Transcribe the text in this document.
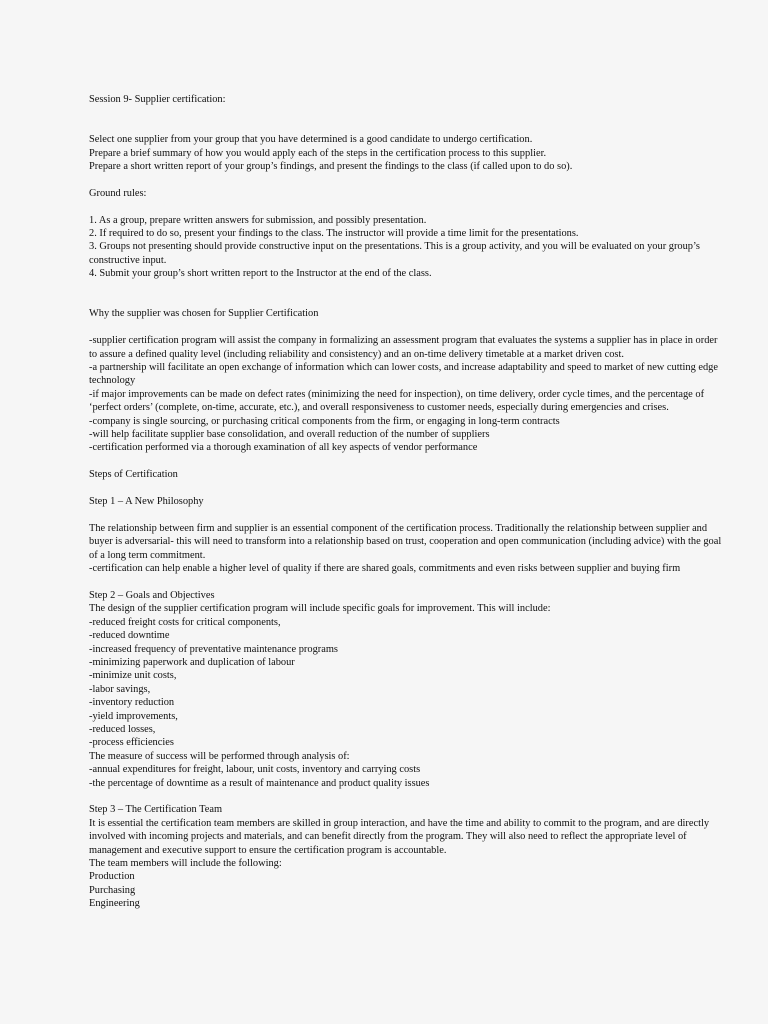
Session 9- Supplier certification:

Select one supplier from your group that you have determined is a good candidate to undergo certification.

Prepare a brief summary of how you would apply each of the steps in the certification process to this supplier.

Prepare a short written report of your group’s findings, and present the findings to the class (if called upon to do so).

Ground rules:

1. As a group, prepare written answers for submission, and possibly presentation.

2. If required to do so, present your findings to the class. The instructor will provide a time limit for the presentations.

3. Groups not presenting should provide constructive input on the presentations. This is a group activity, and you will be evaluated on your group’s constructive input.

4. Submit your group’s short written report to the Instructor at the end of the class.

Why the supplier was chosen for Supplier Certification

-supplier certification program will assist the company in formalizing an assessment program that evaluates the systems a supplier has in place in order to assure a defined quality level (including reliability and consistency) and an on-time delivery timetable at a market driven cost.

-a partnership will facilitate an open exchange of information which can lower costs, and increase adaptability and speed to market of new cutting edge technology

-if major improvements can be made on defect rates (minimizing the need for inspection), on time delivery, order cycle times, and the percentage of ‘perfect orders’ (complete, on-time, accurate, etc.), and overall responsiveness to customer needs, especially during emergencies and crises.

-company is single sourcing, or purchasing critical components from the firm, or engaging in long-term contracts

-will help facilitate supplier base consolidation, and overall reduction of the number of suppliers

-certification performed via a thorough examination of all key aspects of vendor performance

Steps of Certification

Step 1 – A New Philosophy

The relationship between firm and supplier is an essential component of the certification process. Traditionally the relationship between supplier and buyer is adversarial- this will need to transform into a relationship based on trust, cooperation and open communication (including advice) with the goal of a long term commitment.

-certification can help enable a higher level of quality if there are shared goals, commitments and even risks between supplier and buying firm

Step 2 – Goals and Objectives

The design of the supplier certification program will include specific goals for improvement. This will include:

-reduced freight costs for critical components,

-reduced downtime

-increased frequency of preventative maintenance programs

-minimizing paperwork and duplication of labour

-minimize unit costs,

-labor savings,

-inventory reduction

-yield improvements,

-reduced losses,

-process efficiencies

The measure of success will be performed through analysis of:

-annual expenditures for freight, labour, unit costs, inventory and carrying costs

-the percentage of downtime as a result of maintenance and product quality issues

Step 3 – The Certification Team

It is essential the certification team members are skilled in group interaction, and have the time and ability to commit to the program, and are directly involved with incoming projects and materials, and can benefit directly from the program. They will also need to reflect the appropriate level of management and executive support to ensure the certification program is accountable.

The team members will include the following:

Production

Purchasing

Engineering
